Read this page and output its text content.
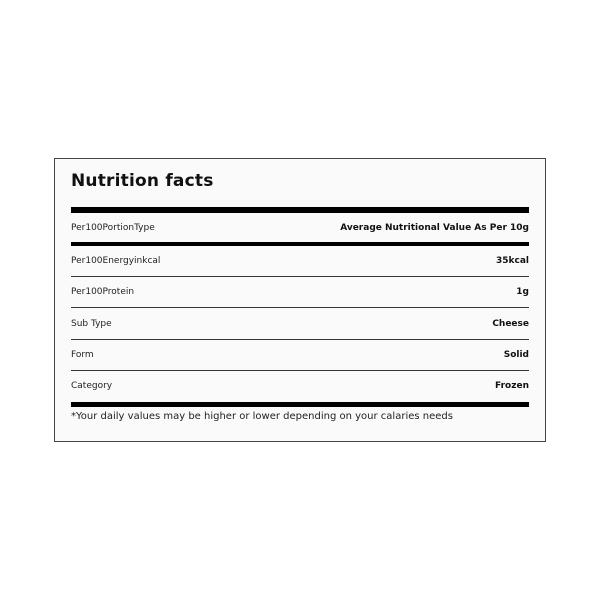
Nutrition facts
Per100PortionType	Average Nutritional Value As Per 10g
Per100Energyinkcal	35kcal
Per100Protein	1g
Sub Type	Cheese
Form	Solid
Category	Frozen
*Your daily values may be higher or lower depending on your calaries needs
